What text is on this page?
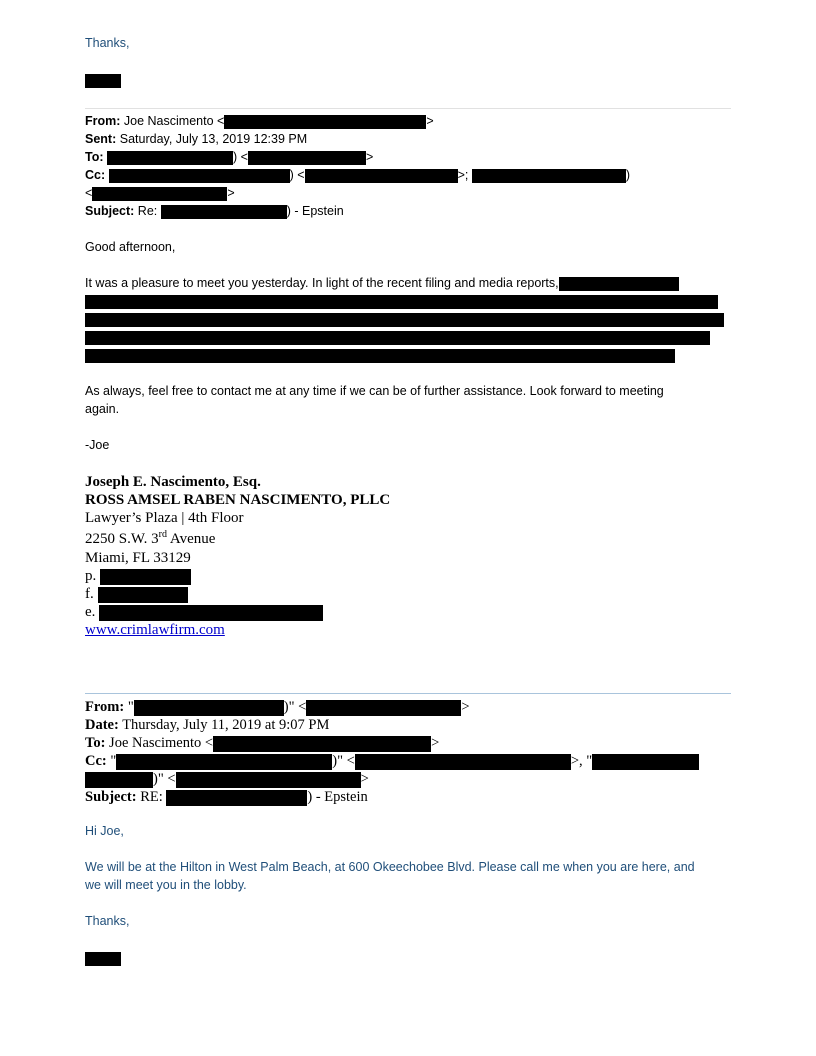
Thanks,
From: Joe Nascimento <	>
Sent: Saturday, July 13, 2019 12:39 PM
To:	) <	>
Cc:	) <	>;	)
<	>
Subject: Re:	) - Epstein
Good afternoon,
It was a pleasure to meet you yesterday. In light of the recent filing and media reports,
As always, feel free to contact me at any time if we can be of further assistance. Look forward to meeting
again.
-Joe
Joseph E. Nascimento, Esq.
ROSS AMSEL RABEN NASCIMENTO, PLLC
Lawyer’s Plaza | 4th Floor
2250 S.W. 3rd Avenue
Miami, FL 33129
p.
f.
e.
www.crimlawfirm.com
From: "	)" <	>
Date: Thursday, July 11, 2019 at 9:07 PM
To: Joe Nascimento <	>
Cc: "	)" <	>, "
)" <	>
Subject: RE:	) - Epstein
Hi Joe,
We will be at the Hilton in West Palm Beach, at 600 Okeechobee Blvd. Please call me when you are here, and
we will meet you in the lobby.
Thanks,
